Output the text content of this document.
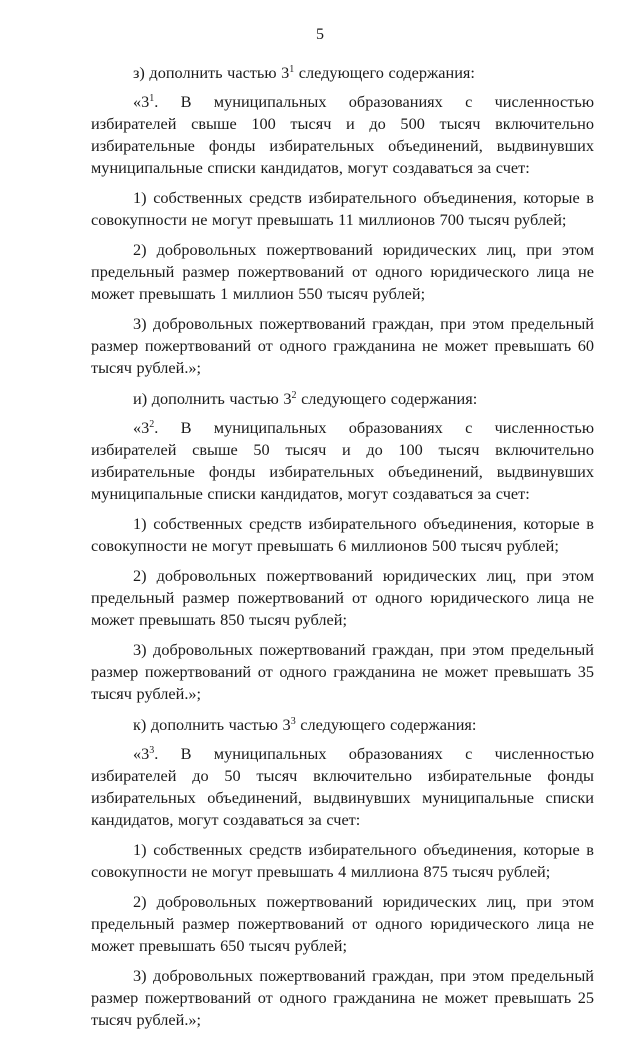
5

з) дополнить частью $3^1$ следующего содержания:

«$3^1$. В муниципальных образованиях с численностью избирателей свыше 100 тысяч и до 500 тысяч включительно избирательные фонды избирательных объединений, выдвинувших муниципальные списки кандидатов, могут создаваться за счет:

1) собственных средств избирательного объединения, которые в совокупности не могут превышать 11 миллионов 700 тысяч рублей;

2) добровольных пожертвований юридических лиц, при этом предельный размер пожертвований от одного юридического лица не может превышать 1 миллион 550 тысяч рублей;

3) добровольных пожертвований граждан, при этом предельный размер пожертвований от одного гражданина не может превышать 60 тысяч рублей.»;

и) дополнить частью $3^2$ следующего содержания:

«$3^2$. В муниципальных образованиях с численностью избирателей свыше 50 тысяч и до 100 тысяч включительно избирательные фонды избирательных объединений, выдвинувших муниципальные списки кандидатов, могут создаваться за счет:

1) собственных средств избирательного объединения, которые в совокупности не могут превышать 6 миллионов 500 тысяч рублей;

2) добровольных пожертвований юридических лиц, при этом предельный размер пожертвований от одного юридического лица не может превышать 850 тысяч рублей;

3) добровольных пожертвований граждан, при этом предельный размер пожертвований от одного гражданина не может превышать 35 тысяч рублей.»;

к) дополнить частью $3^3$ следующего содержания:

«$3^3$. В муниципальных образованиях с численностью избирателей до 50 тысяч включительно избирательные фонды избирательных объединений, выдвинувших муниципальные списки кандидатов, могут создаваться за счет:

1) собственных средств избирательного объединения, которые в совокупности не могут превышать 4 миллиона 875 тысяч рублей;

2) добровольных пожертвований юридических лиц, при этом предельный размер пожертвований от одного юридического лица не может превышать 650 тысяч рублей;

3) добровольных пожертвований граждан, при этом предельный размер пожертвований от одного гражданина не может превышать 25 тысяч рублей.»;
